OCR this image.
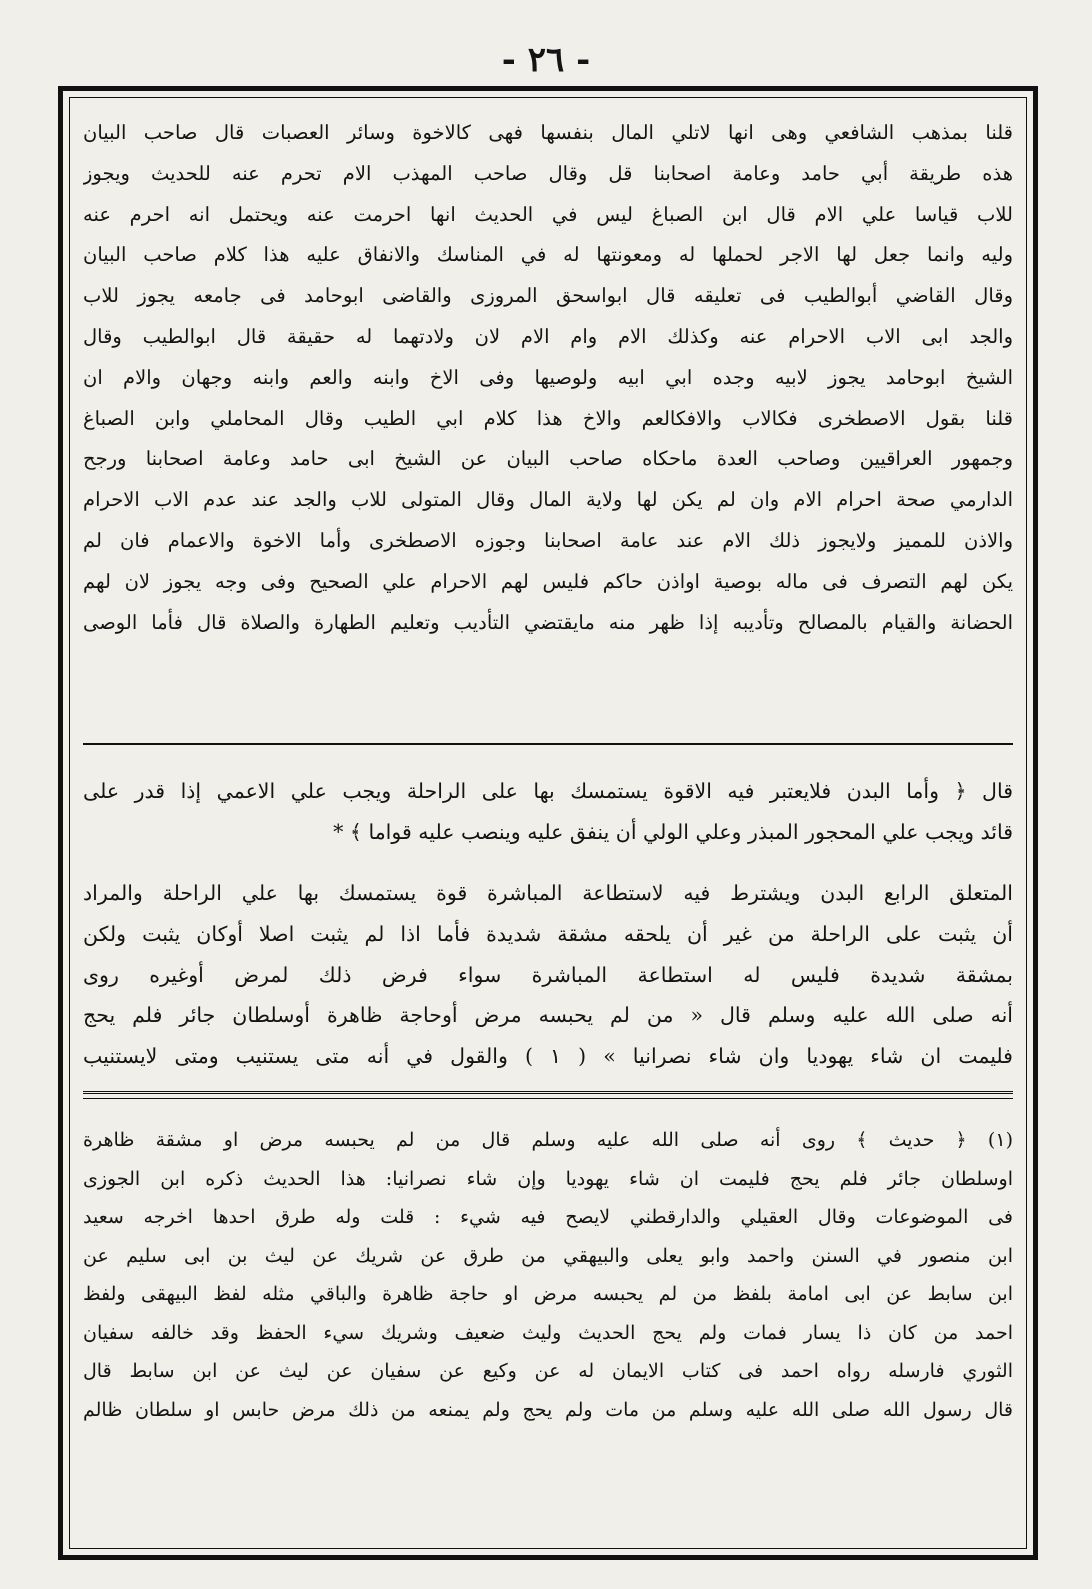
- ٢٦ -
قلنا بمذهب الشافعي وهى انها لاتلي المال بنفسها فهى كالاخوة وسائر العصبات قال صاحب البيان
هذه طريقة أبي حامد وعامة اصحابنا قل وقال صاحب المهذب الام تحرم عنه للحديث ويجوز
للاب قياسا علي الام قال ابن الصباغ ليس في الحديث انها احرمت عنه ويحتمل انه احرم عنه
وليه وانما جعل لها الاجر لحملها له ومعونتها له في المناسك والانفاق عليه هذا كلام صاحب البيان
وقال القاضي أبوالطيب فى تعليقه قال ابواسحق المروزى والقاضى ابوحامد فى جامعه يجوز للاب
والجد ابى الاب الاحرام عنه وكذلك الام وام الام لان ولادتهما له حقيقة قال ابوالطيب وقال
الشيخ ابوحامد يجوز لابيه وجده ابي ابيه ولوصيها وفى الاخ وابنه والعم وابنه وجهان والام ان
قلنا بقول الاصطخرى فكالاب والافكالعم والاخ هذا كلام ابي الطيب وقال المحاملي وابن الصباغ
وجمهور العراقيين وصاحب العدة ماحكاه صاحب البيان عن الشيخ ابى حامد وعامة اصحابنا ورجح
الدارمي صحة احرام الام وان لم يكن لها ولاية المال وقال المتولى للاب والجد عند عدم الاب الاحرام
والاذن للمميز ولايجوز ذلك الام عند عامة اصحابنا وجوزه الاصطخرى وأما الاخوة والاعمام فان لم
يكن لهم التصرف فى ماله بوصية اواذن حاكم فليس لهم الاحرام علي الصحيح وفى وجه يجوز لان لهم
الحضانة والقيام بالمصالح وتأديبه إذا ظهر منه مايقتضي التأديب وتعليم الطهارة والصلاة قال فأما الوصى
قال ﴿ وأما البدن فلايعتبر فيه الاقوة يستمسك بها على الراحلة ويجب علي الاعمي إذا قدر على
قائد ويجب علي المحجور المبذر وعلي الولي أن ينفق عليه وينصب عليه قواما ﴾ *
المتعلق الرابع البدن ويشترط فيه لاستطاعة المباشرة قوة يستمسك بها علي الراحلة والمراد
أن يثبت على الراحلة من غير أن يلحقه مشقة شديدة فأما اذا لم يثبت اصلا أوكان يثبت ولكن
بمشقة شديدة فليس له استطاعة المباشرة سواء فرض ذلك لمرض أوغيره روى
أنه صلى الله عليه وسلم قال « من لم يحبسه مرض أوحاجة ظاهرة أوسلطان جائر فلم يحج
فليمت ان شاء يهوديا وان شاء نصرانيا » ( ١ ) والقول في أنه متى يستنيب ومتى لايستنيب
(١) ﴿ حديث ﴾ روى أنه صلى الله عليه وسلم قال من لم يحبسه مرض او مشقة ظاهرة
اوسلطان جائر فلم يحج فليمت ان شاء يهوديا وإن شاء نصرانيا: هذا الحديث ذكره ابن الجوزى
فى الموضوعات وقال العقيلي والدارقطني لايصح فيه شيء : قلت وله طرق احدها اخرجه سعيد
ابن منصور في السنن واحمد وابو يعلى والبيهقي من طرق عن شريك عن ليث بن ابى سليم عن
ابن سابط عن ابى امامة بلفظ من لم يحبسه مرض او حاجة ظاهرة والباقي مثله لفظ البيهقى ولفظ
احمد من كان ذا يسار فمات ولم يحج الحديث وليث ضعيف وشريك سيء الحفظ وقد خالفه سفيان
الثوري فارسله رواه احمد فى كتاب الايمان له عن وكيع عن سفيان عن ليث عن ابن سابط قال
قال رسول الله صلى الله عليه وسلم من مات ولم يحج ولم يمنعه من ذلك مرض حابس او سلطان ظالم
